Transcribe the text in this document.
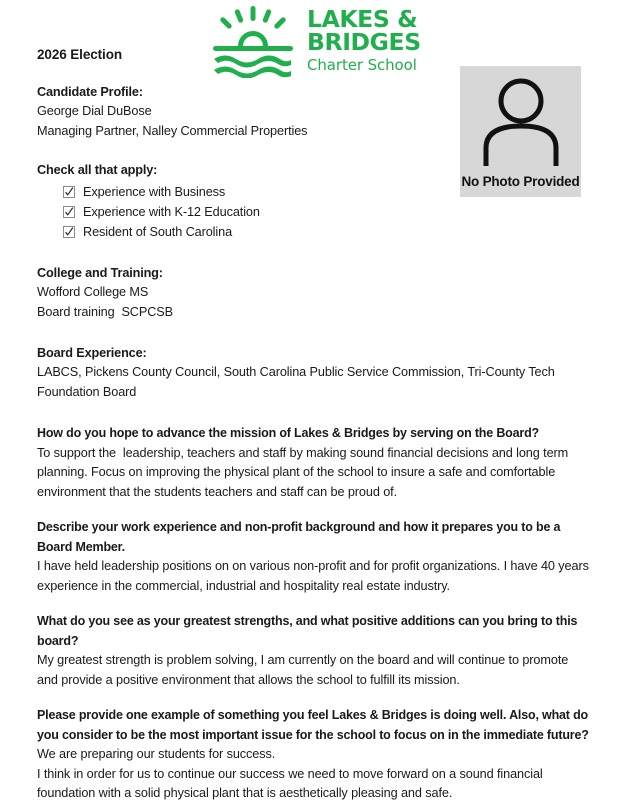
LAKES &
BRIDGES
Charter School
No Photo Provided
2026 Election
Candidate Profile:
George Dial DuBose
Managing Partner, Nalley Commercial Properties
Check all that apply:
Experience with Business
Experience with K-12 Education
Resident of South Carolina
College and Training:
Wofford College MS
Board training  SCPCSB
Board Experience:
LABCS, Pickens County Council, South Carolina Public Service Commission, Tri-County Tech Foundation Board
How do you hope to advance the mission of Lakes & Bridges by serving on the Board?
To support the  leadership, teachers and staff by making sound financial decisions and long term planning. Focus on improving the physical plant of the school to insure a safe and comfortable environment that the students teachers and staff can be proud of.
Describe your work experience and non-profit background and how it prepares you to be a Board Member.
I have held leadership positions on on various non-profit and for profit organizations. I have 40 years experience in the commercial, industrial and hospitality real estate industry.
What do you see as your greatest strengths, and what positive additions can you bring to this board?
My greatest strength is problem solving, I am currently on the board and will continue to promote and provide a positive environment that allows the school to fulfill its mission.
Please provide one example of something you feel Lakes & Bridges is doing well. Also, what do you consider to be the most important issue for the school to focus on in the immediate future?
We are preparing our students for success.
I think in order for us to continue our success we need to move forward on a sound financial foundation with a solid physical plant that is aesthetically pleasing and safe.
